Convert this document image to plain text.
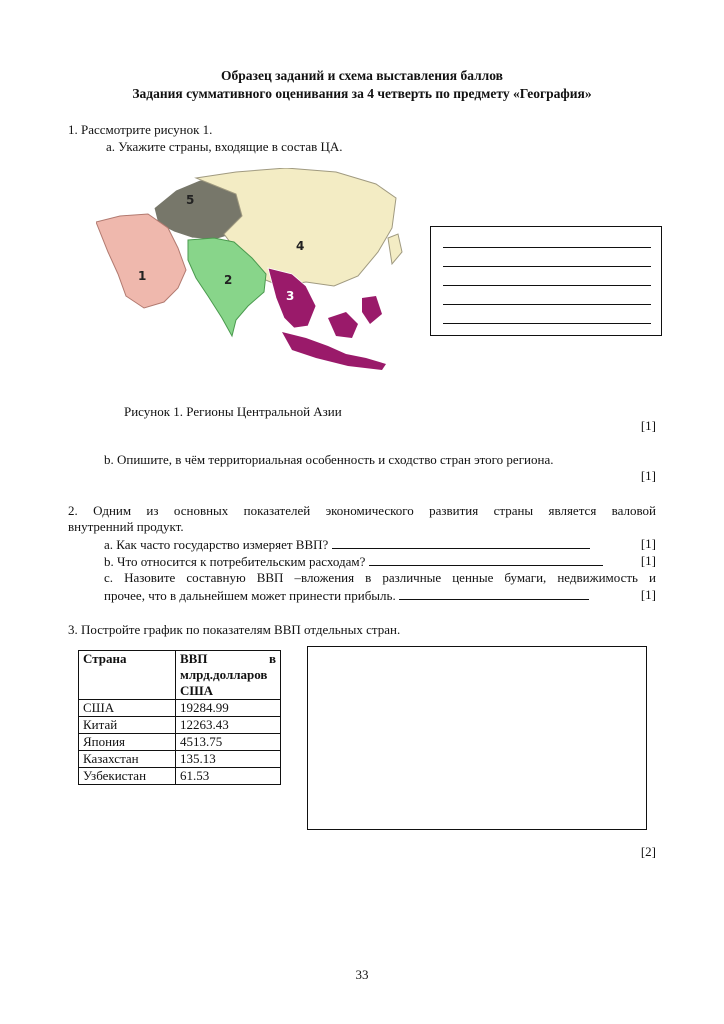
Образец заданий и схема выставления баллов
Задания суммативного оценивания за 4 четверть по предмету «География»
1. Рассмотрите рисунок 1.
a. Укажите страны, входящие в состав ЦА.
5
4
1	2
3
Рисунок 1. Регионы Центральной Азии
[1]
b. Опишите, в чём территориальная особенность и сходство стран этого региона.
[1]
2. Одним из основных показателей экономического развития страны является валовой
внутренний продукт.
a. Как часто государство измеряет ВВП?	[1]
b. Что относится к потребительским расходам?	[1]
c. Назовите составную ВВП –вложения в различные ценные бумаги, недвижимость и
прочее, что в дальнейшем может принести прибыль.	[1]
3. Постройте график по показателям ВВП отдельных стран.
Страна	ВВП в
млрд.долларов
США

США	19284.99
Китай	12263.43
Япония	4513.75
Казахстан	135.13
Узбекистан	61.53
[2]
33
